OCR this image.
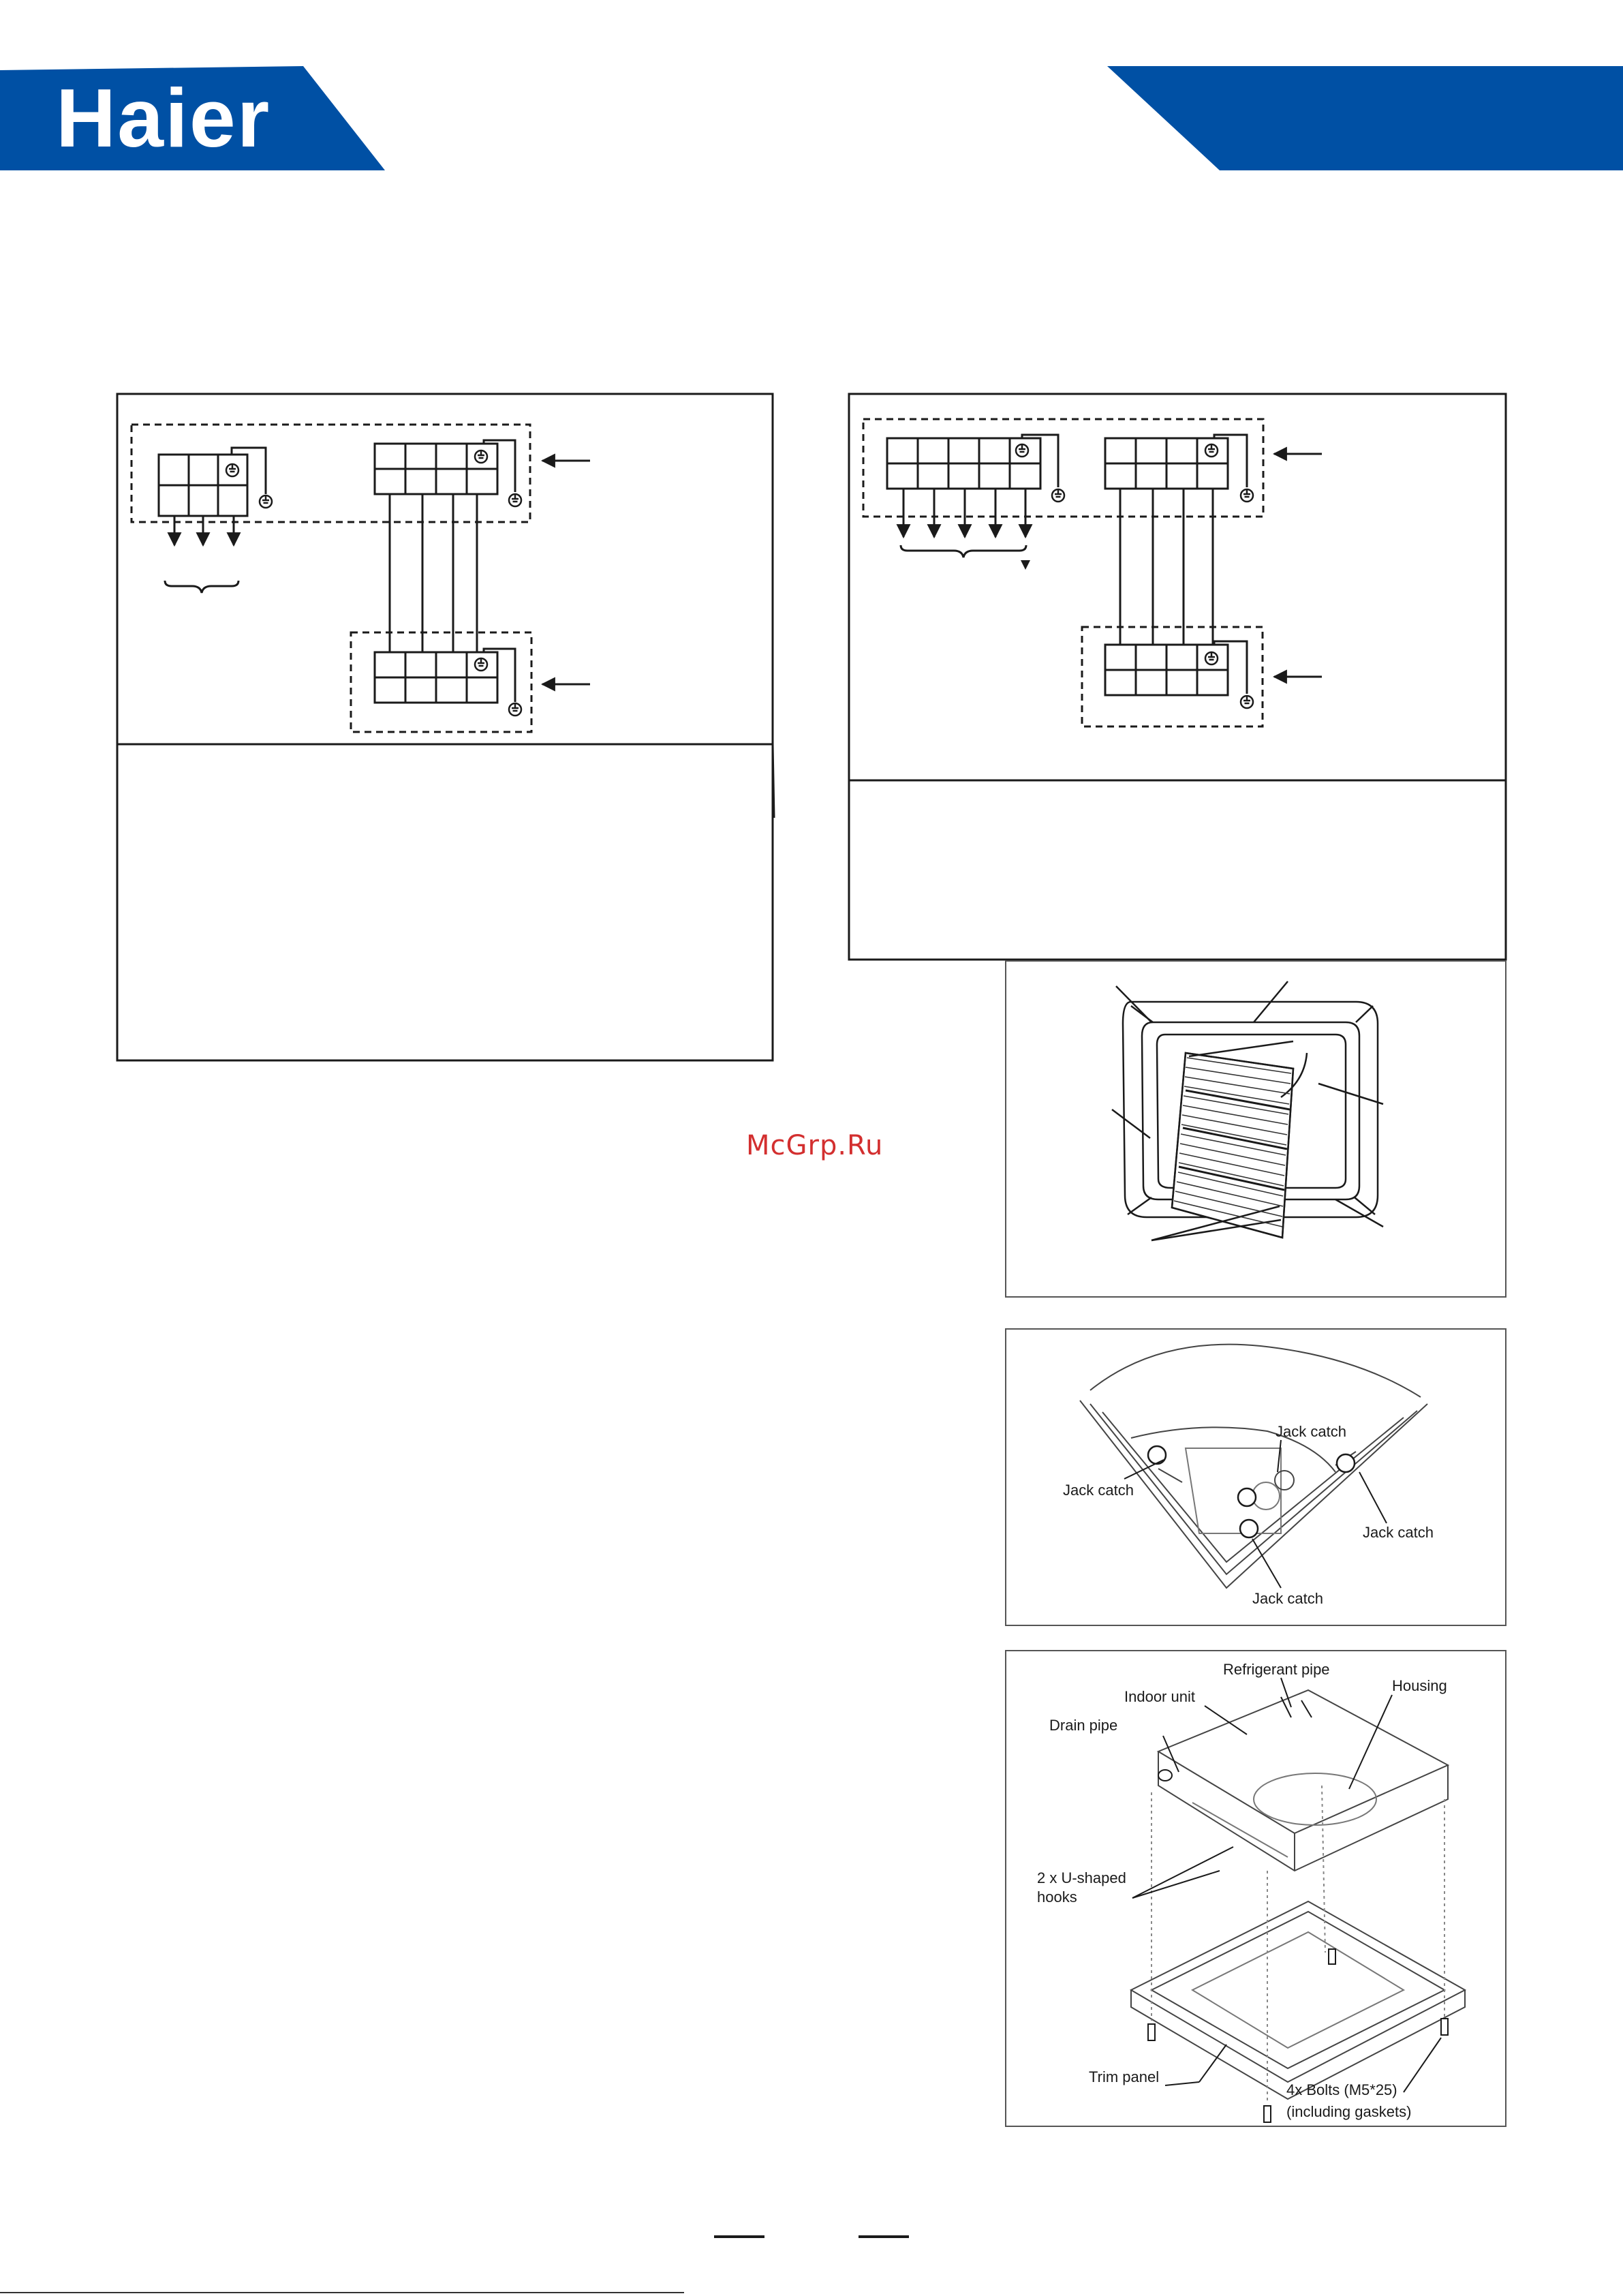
Haier
Jack catch
Jack catch
Jack catch
Jack catch
Refrigerant pipe
Housing
Indoor unit
Drain pipe
2 x U-shaped
hooks
Trim panel
4x Bolts (M5*25)
(including gaskets)
McGrp.Ru
